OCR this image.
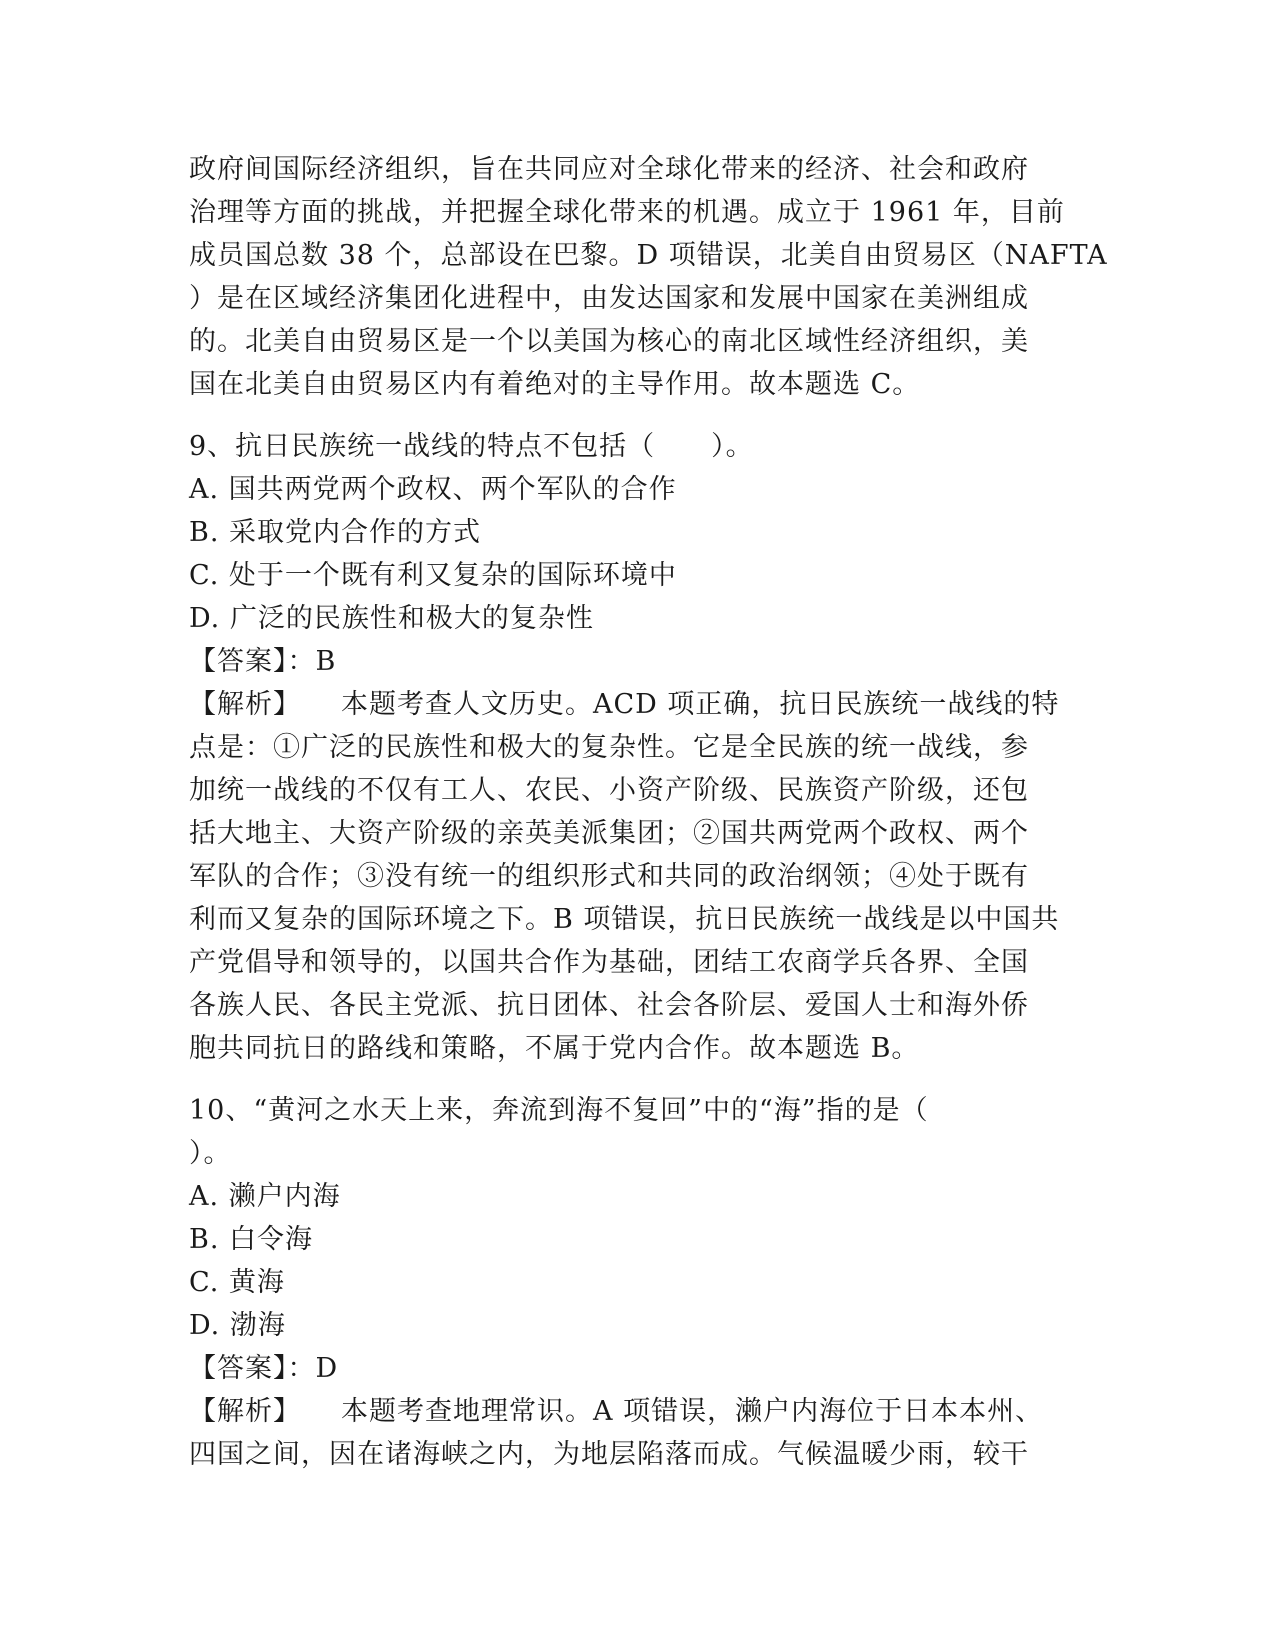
政府间国际经济组织，旨在共同应对全球化带来的经济、社会和政府

治理等方面的挑战，并把握全球化带来的机遇。成立于 1961 年，目前

成员国总数 38 个，总部设在巴黎。D 项错误，北美自由贸易区（NAFTA

）是在区域经济集团化进程中，由发达国家和发展中国家在美洲组成

的。北美自由贸易区是一个以美国为核心的南北区域性经济组织，美

国在北美自由贸易区内有着绝对的主导作用。故本题选 C。

9、抗日民族统一战线的特点不包括（　　）。

A. 国共两党两个政权、两个军队的合作

B. 采取党内合作的方式

C. 处于一个既有利又复杂的国际环境中

D. 广泛的民族性和极大的复杂性

【答案】：B

【解析】 本题考查人文历史。ACD 项正确，抗日民族统一战线的特

点是：①广泛的民族性和极大的复杂性。它是全民族的统一战线，参

加统一战线的不仅有工人、农民、小资产阶级、民族资产阶级，还包

括大地主、大资产阶级的亲英美派集团；②国共两党两个政权、两个

军队的合作；③没有统一的组织形式和共同的政治纲领；④处于既有

利而又复杂的国际环境之下。B 项错误，抗日民族统一战线是以中国共

产党倡导和领导的，以国共合作为基础，团结工农商学兵各界、全国

各族人民、各民主党派、抗日团体、社会各阶层、爱国人士和海外侨

胞共同抗日的路线和策略，不属于党内合作。故本题选 B。

10、“黄河之水天上来，奔流到海不复回”中的“海”指的是（

）。

A. 濑户内海

B. 白令海

C. 黄海

D. 渤海

【答案】：D

【解析】 本题考查地理常识。A 项错误，濑户内海位于日本本州、

四国之间，因在诸海峡之内，为地层陷落而成。气候温暖少雨，较干
